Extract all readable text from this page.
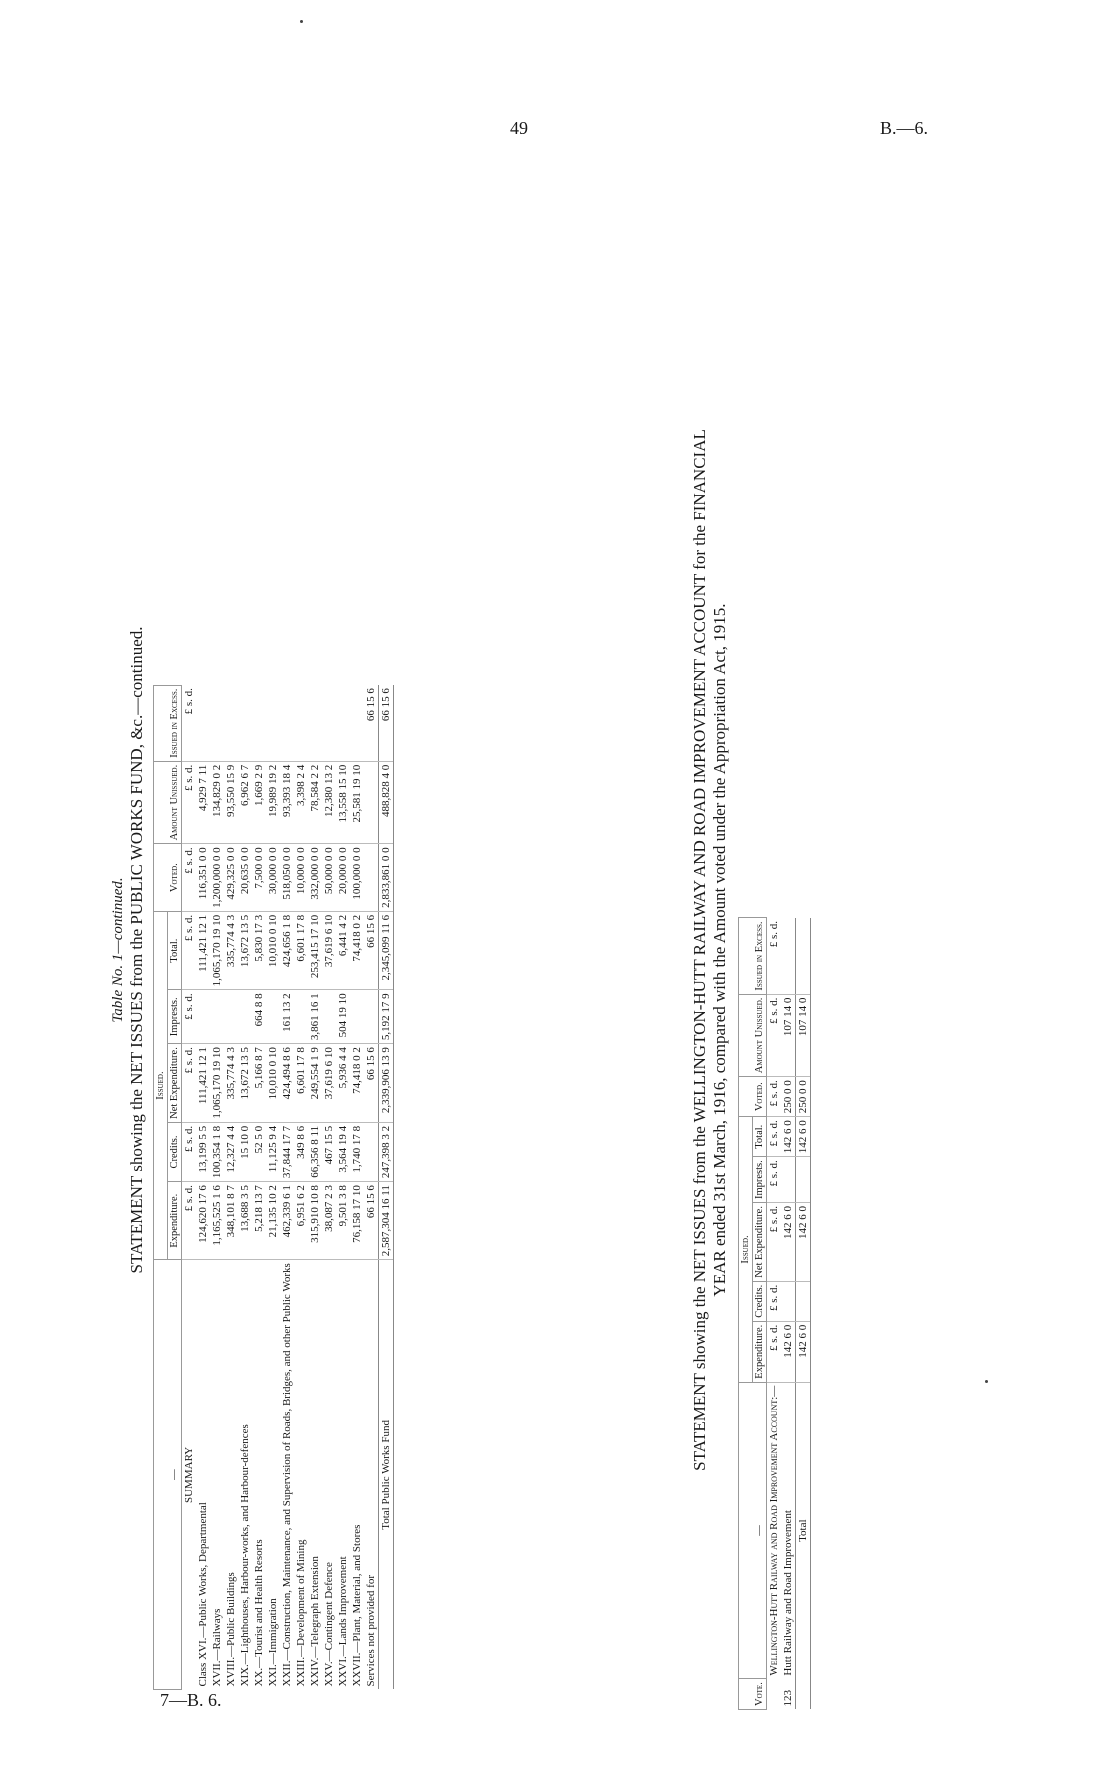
49	B.—6.
7—B. 6.
Table No. 1—continued. STATEMENT showing the NET ISSUES from the PUBLIC WORKS FUND, &c.—continued.
—	Issued.					Voted.	Amount Unissued.	Issued in Excess.
	Expenditure.	Credits.	Net Expenditure.	Imprests.	Total.			
SUMMARY	£ s. d.	£ s. d.	£ s. d.	£ s. d.	£ s. d.	£ s. d.	£ s. d.	£ s. d.
Class XVI.—Public Works, Departmental	124,620 17 6	13,199 5 5	111,421 12 1		111,421 12 1	116,351 0 0	4,929 7 11	
XVII.—Railways	1,165,525 1 6	100,354 1 8	1,065,170 19 10		1,065,170 19 10	1,200,000 0 0	134,829 0 2	
XVIII.—Public Buildings	348,101 8 7	12,327 4 4	335,774 4 3		335,774 4 3	429,325 0 0	93,550 15 9	
XIX.—Lighthouses, Harbour-works, and Harbour-defences	13,688 3 5	15 10 0	13,672 13 5		13,672 13 5	20,635 0 0	6,962 6 7	
XX.—Tourist and Health Resorts	5,218 13 7	52 5 0	5,166 8 7	664 8 8	5,830 17 3	7,500 0 0	1,669 2 9	
XXI.—Immigration	21,135 10 2	11,125 9 4	10,010 0 10		10,010 0 10	30,000 0 0	19,989 19 2	
XXII.—Construction, Maintenance, and Supervision of Roads, Bridges, and other Public Works	462,339 6 1	37,844 17 7	424,494 8 6	161 13 2	424,656 1 8	518,050 0 0	93,393 18 4	
XXIII.—Development of Mining	6,951 6 2	349 8 6	6,601 17 8		6,601 17 8	10,000 0 0	3,398 2 4	
XXIV.—Telegraph Extension	315,910 10 8	66,356 8 11	249,554 1 9	3,861 16 1	253,415 17 10	332,000 0 0	78,584 2 2	
XXV.—Contingent Defence	38,087 2 3	467 15 5	37,619 6 10		37,619 6 10	50,000 0 0	12,380 13 2	
XXVI.—Lands Improvement	9,501 3 8	3,564 19 4	5,936 4 4	504 19 10	6,441 4 2	20,000 0 0	13,558 15 10	
XXVII.—Plant, Material, and Stores	76,158 17 10	1,740 17 8	74,418 0 2		74,418 0 2	100,000 0 0	25,581 19 10	
Services not provided for	66 15 6		66 15 6		66 15 6			66 15 6
Total Public Works Fund	2,587,304 16 11	247,398 3 2	2,339,906 13 9	5,192 17 9	2,345,099 11 6	2,833,861 0 0	488,828 4 0	66 15 6	STATEMENT showing the NET ISSUES from the WELLINGTON-HUTT RAILWAY AND ROAD IMPROVEMENT ACCOUNT for the FINANCIAL YEAR ended 31st March, 1916, compared with the Amount voted under the Appropriation Act, 1915.
Vote.	—	Issued.					Voted.	Amount Unissued.	Issued in Excess.
		Expenditure.	Credits.	Net Expenditure.	Imprests.	Total.			
	Wellington-Hutt Railway and Road Improvement Account:—	£ s. d.	£ s. d.	£ s. d.	£ s. d.	£ s. d.	£ s. d.	£ s. d.	£ s. d.
123	Hutt Railway and Road Improvement	142 6 0		142 6 0		142 6 0	250 0 0	107 14 0	
	Total	142 6 0		142 6 0		142 6 0	250 0 0	107 14 0	
